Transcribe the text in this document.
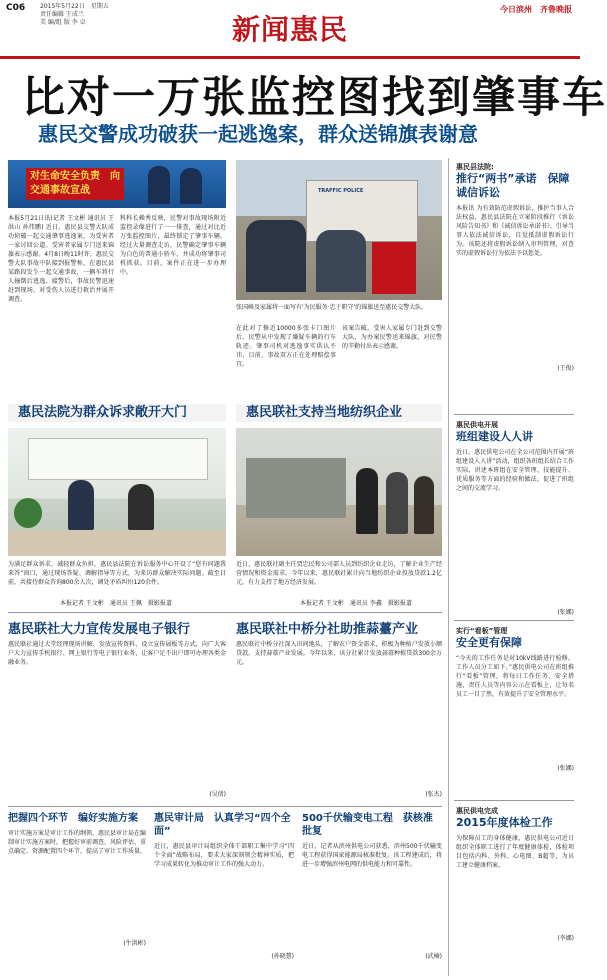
C06 2015年5月22日　星期五
责任编辑 王成兰
美 编/组 版 李 卓	新闻惠民
今日滨州　齐鲁晚报
比对一万张监控图找到肇事车
惠民交警成功破获一起逃逸案，群众送锦旗表谢意
对生命安全负责　向交通事故宣战	TRAFFIC POLICE
张国峰及家属将一面写有'为民服务·忠于职守'的锦旗送至惠民交警大队。
本报5月21日讯(记者 王文彬 通讯员 王洪山 孙伟鹏) 近日，惠民县交警大队成功侦破一起交通肇事逃逸案，为受害者一家讨回公道。受害者家属专门送来锦旗表示感谢。4月8日晚11时许，惠民交警大队事故中队接到报警称，在惠民县某路段发生一起交通事故，一辆车将行人撞倒后逃逸。接警后，事故民警迅速赶到现场，对受伤人员进行救治并展开调查。
科科长赖秀反映，民警对事故现场附近监控录像进行了一一排查，通过对比近万张监控图片，最终锁定了肇事车辆。经过大量调查走访，民警确定肇事车辆为白色的普通小轿车，并成功将肇事司机抓获。目前，案件正在进一步办理中。
在此对了修近10000多张卡口图片后，民警从中发现了嫌疑车辆的行车轨迹。肇事司机对逃逸事实供认不讳，目前，事故双方正在处理赔偿事宜。
该案告破。受害人家属专门赶到交警大队，为办案民警送来锦旗，对民警的辛勤付出表示感谢。
惠民县法院:
推行“两书”承诺　保障诚信诉讼
本报讯 为有效防范虚假诉讼，推护当事人合法权益，惠民县法院在立案阶段推行《诉讼风险告知书》和《诚信诉讼承诺书》，引导当事人依法诚信诉讼，自觉抵制虚假诉讼行为。该院还将虚假诉讼纳入审判管理，对查实的虚假诉讼行为依法予以惩处。
(王俊)
惠民法院为群众诉求敞开大门	惠民联社支持当地纺织企业
为满足群众诉求，减轻群众负担，惠民县法院在诉讼服务中心开设了“您有问题我来答”窗口，通过现场答疑、调解指导等方式，为来访群众解决实际问题。截至目前，共接待群众咨询800余人次，调处矛盾纠纷120余件。
本报记者 王文彬　通讯员 王佩　摄影报道
近日，惠民联社副主任贾忠民和公司部人员到纺织企业走访，了解企业生产经营情况和资金需求。今年以来，惠民联社累计向当地纺织企业投放贷款1.2亿元，有力支持了地方经济发展。
本报记者 王文彬　通讯员 李鑫　摄影报道
惠民供电开展
班组建设人人讲
近日，惠民供电公司在全公司范围内开展“班组建设人人讲”活动，组织各班组长结合工作实际，讲述本班组在安全管理、技能提升、优质服务等方面的经验和做法，促进了班组之间的交流学习。
(张娜)
惠民联社大力宣传发展电子银行	惠民联社中桥分社助推蒜薹产业
惠民联社通过大堂经理现场讲解、发放宣传资料、设立宣传展板等方式，向广大客户大力宣传手机银行、网上银行等电子银行业务，让客户足不出户即可办理各类金融业务。
(吴倩)
惠民联社中桥分社深入田间地头，了解农户资金需求，积极为种植户发放小额贷款，支持蒜薹产业发展。今年以来，该分社累计发放蒜薹种植贷款300余万元。
(张杰)
实行“看板”管理
安全更有保障
“今天的工作任务是对10kV线路进行检修，工作人员分工如下。”惠民供电公司在班组推行“看板”管理，将每日工作任务、安全措施、责任人员等内容公示在看板上，让每名员工一目了然，有效提升了安全管理水平。
(张娜)
惠民供电完成
2015年度体检工作
为保障员工的身体健康，惠民供电公司近日组织全体职工进行了年度健康体检，体检项目包括内科、外科、心电图、B超等，为员工建立健康档案。
(李娜)
把握四个环节　编好实施方案
审计实施方案是审计工作的纲领，惠民县审计局在编制审计实施方案时，把握好审前调查、风险评估、重点确定、资源配置四个环节，提高了审计工作质量。
(牛洪彬)
惠民审计局　认真学习“四个全面”
近日，惠民县审计局组织全体干部职工集中学习“四个全面”战略布局，要求大家深刻领会精神实质，把学习成果转化为推动审计工作的强大动力。
(孙晓慧)
500千伏输变电工程　获核准批复
近日，记者从滨州供电公司获悉，滨州500千伏输变电工程获得国家能源局核准批复。该工程建成后，将进一步增强滨州电网的供电能力和可靠性。
(武楠)
